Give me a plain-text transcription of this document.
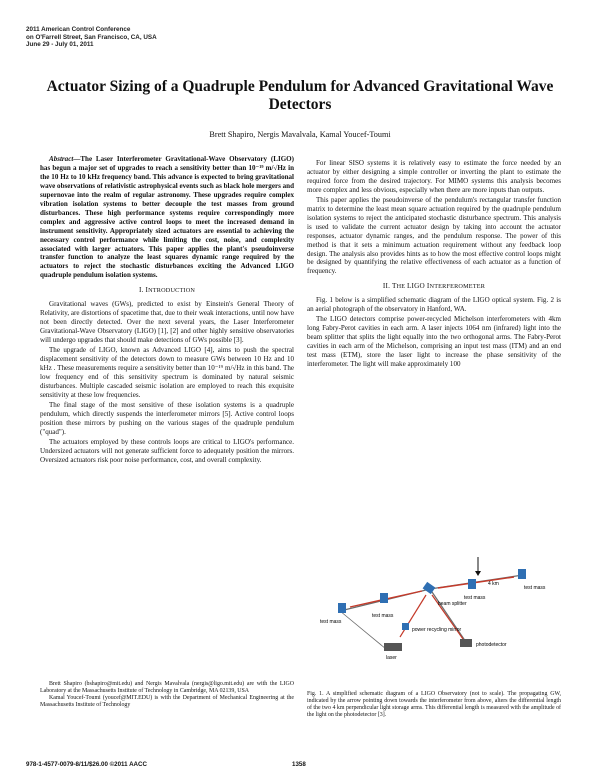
2011 American Control Conference
on O'Farrell Street, San Francisco, CA, USA
June 29 - July 01, 2011
Actuator Sizing of a Quadruple Pendulum for Advanced Gravitational Wave Detectors
Brett Shapiro, Nergis Mavalvala, Kamal Youcef-Toumi

Abstract—The Laser Interferometer Gravitational-Wave Observatory (LIGO) has begun a major set of upgrades to reach a sensitivity better than 10⁻¹⁹ m/√Hz in the 10 Hz to 10 kHz frequency band. This advance is expected to bring gravitational wave observations of relativistic astrophysical events such as black hole mergers and supernovae into the realm of regular astronomy. These upgrades require complex vibration isolation systems to better decouple the test masses from ground disturbances. These high performance systems require correspondingly more complex and aggressive active control loops to meet the increased demand in instrument sensitivity. Appropriately sized actuators are essential to achieving the necessary control performance while limiting the cost, noise, and complexity associated with larger actuators. This paper applies the plant's pseudoinverse transfer function to analyze the least squares dynamic range required by the actuators to reject the stochastic disturbances exciting the Advanced LIGO quadruple pendulum isolation systems.

I. INTRODUCTION

Gravitational waves (GWs), predicted to exist by Einstein's General Theory of Relativity, are distortions of spacetime that, due to their weak interactions, until now have not been directly detected. Over the next several years, the Laser Interferometer Gravitational-Wave Observatory (LIGO) [1], [2] and other highly sensitive observatories will undergo upgrades that should make detections of GWs possible [3].

The upgrade of LIGO, known as Advanced LIGO [4], aims to push the spectral displacement sensitivity of the detectors down to measure GWs between 10 Hz and 10 kHz . These measurements require a sensitivity better than 10⁻¹⁹ m/√Hz in this band. The low frequency end of this sensitivity spectrum is dominated by natural seismic disturbances. Multiple cascaded seismic isolation are employed to reach this exquisite sensitivity at these low frequencies.

The final stage of the most sensitive of these isolation systems is a quadruple pendulum, which directly suspends the interferometer mirrors [5]. Active control loops position these mirrors by pushing on the various stages of the quadruple pendulum ("quad").

The actuators employed by these controls loops are critical to LIGO's performance. Undersized actuators will not generate sufficient force to adequately position the mirrors. Oversized actuators risk poor noise performance, cost, and overall complexity.

Brett Shapiro (bshapiro@mit.edu) and Nergis Mavalvala (nergis@ligo.mit.edu) are with the LIGO Laboratory at the Massachusetts Institute of Technology in Cambridge, MA 02139, USA

Kamal Youcef-Toumi (youcef@MIT.EDU) is with the Department of Mechanical Engineering at the Massachusetts Institute of Technology

For linear SISO systems it is relatively easy to estimate the force needed by an actuator by either designing a simple controller or inverting the plant to estimate the required force from the desired trajectory. For MIMO systems this analysis becomes more complex and less obvious, especially when there are more inputs than outputs.

This paper applies the pseudoinverse of the pendulum's rectangular transfer function matrix to determine the least mean square actuation required by the quadruple pendulum isolation systems to reject the anticipated stochastic disturbance spectrum. This analysis is used to validate the current actuator design by taking into account the actuator responses, actuator dynamic ranges, and the pendulum response. The power of this method is that it sets a minimum actuation requirement without any feedback loop design. The analysis also provides hints as to how the most effective control loops might be designed by quantifying the relative effectiveness of each actuator as a function of frequency.

II. THE LIGO INTERFEROMETER

Fig. 1 below is a simplified schematic diagram of the LIGO optical system. Fig. 2 is an aerial photograph of the observatory in Hanford, WA.

The LIGO detectors comprise power-recycled Michelson interferometers with 4km long Fabry-Perot cavities in each arm. A laser injects 1064 nm (infrared) light into the beam splitter that splits the light equally into the two orthogonal arms. The Fabry-Perot cavities in each arm of the Michelson, comprising an input test mass (ITM) and an end test mass (ETM), store the laser light to increase the phase sensitivity of the interferometer. The light will make approximately 100

test mass
test mass
test mass
test mass
beam splitter
power recycling mirror
laser
photodetector
4 km
Fig. 1. A simplified schematic diagram of a LIGO Observatory (not to scale). The propagating GW, indicated by the arrow pointing down towards the interferometer from above, alters the differential length of the two 4 km perpendicular light storage arms. This differential length is measured with the amplitude of the light on the photodetector [3].
978-1-4577-0079-8/11/$26.00 ©2011 AACC	1358
